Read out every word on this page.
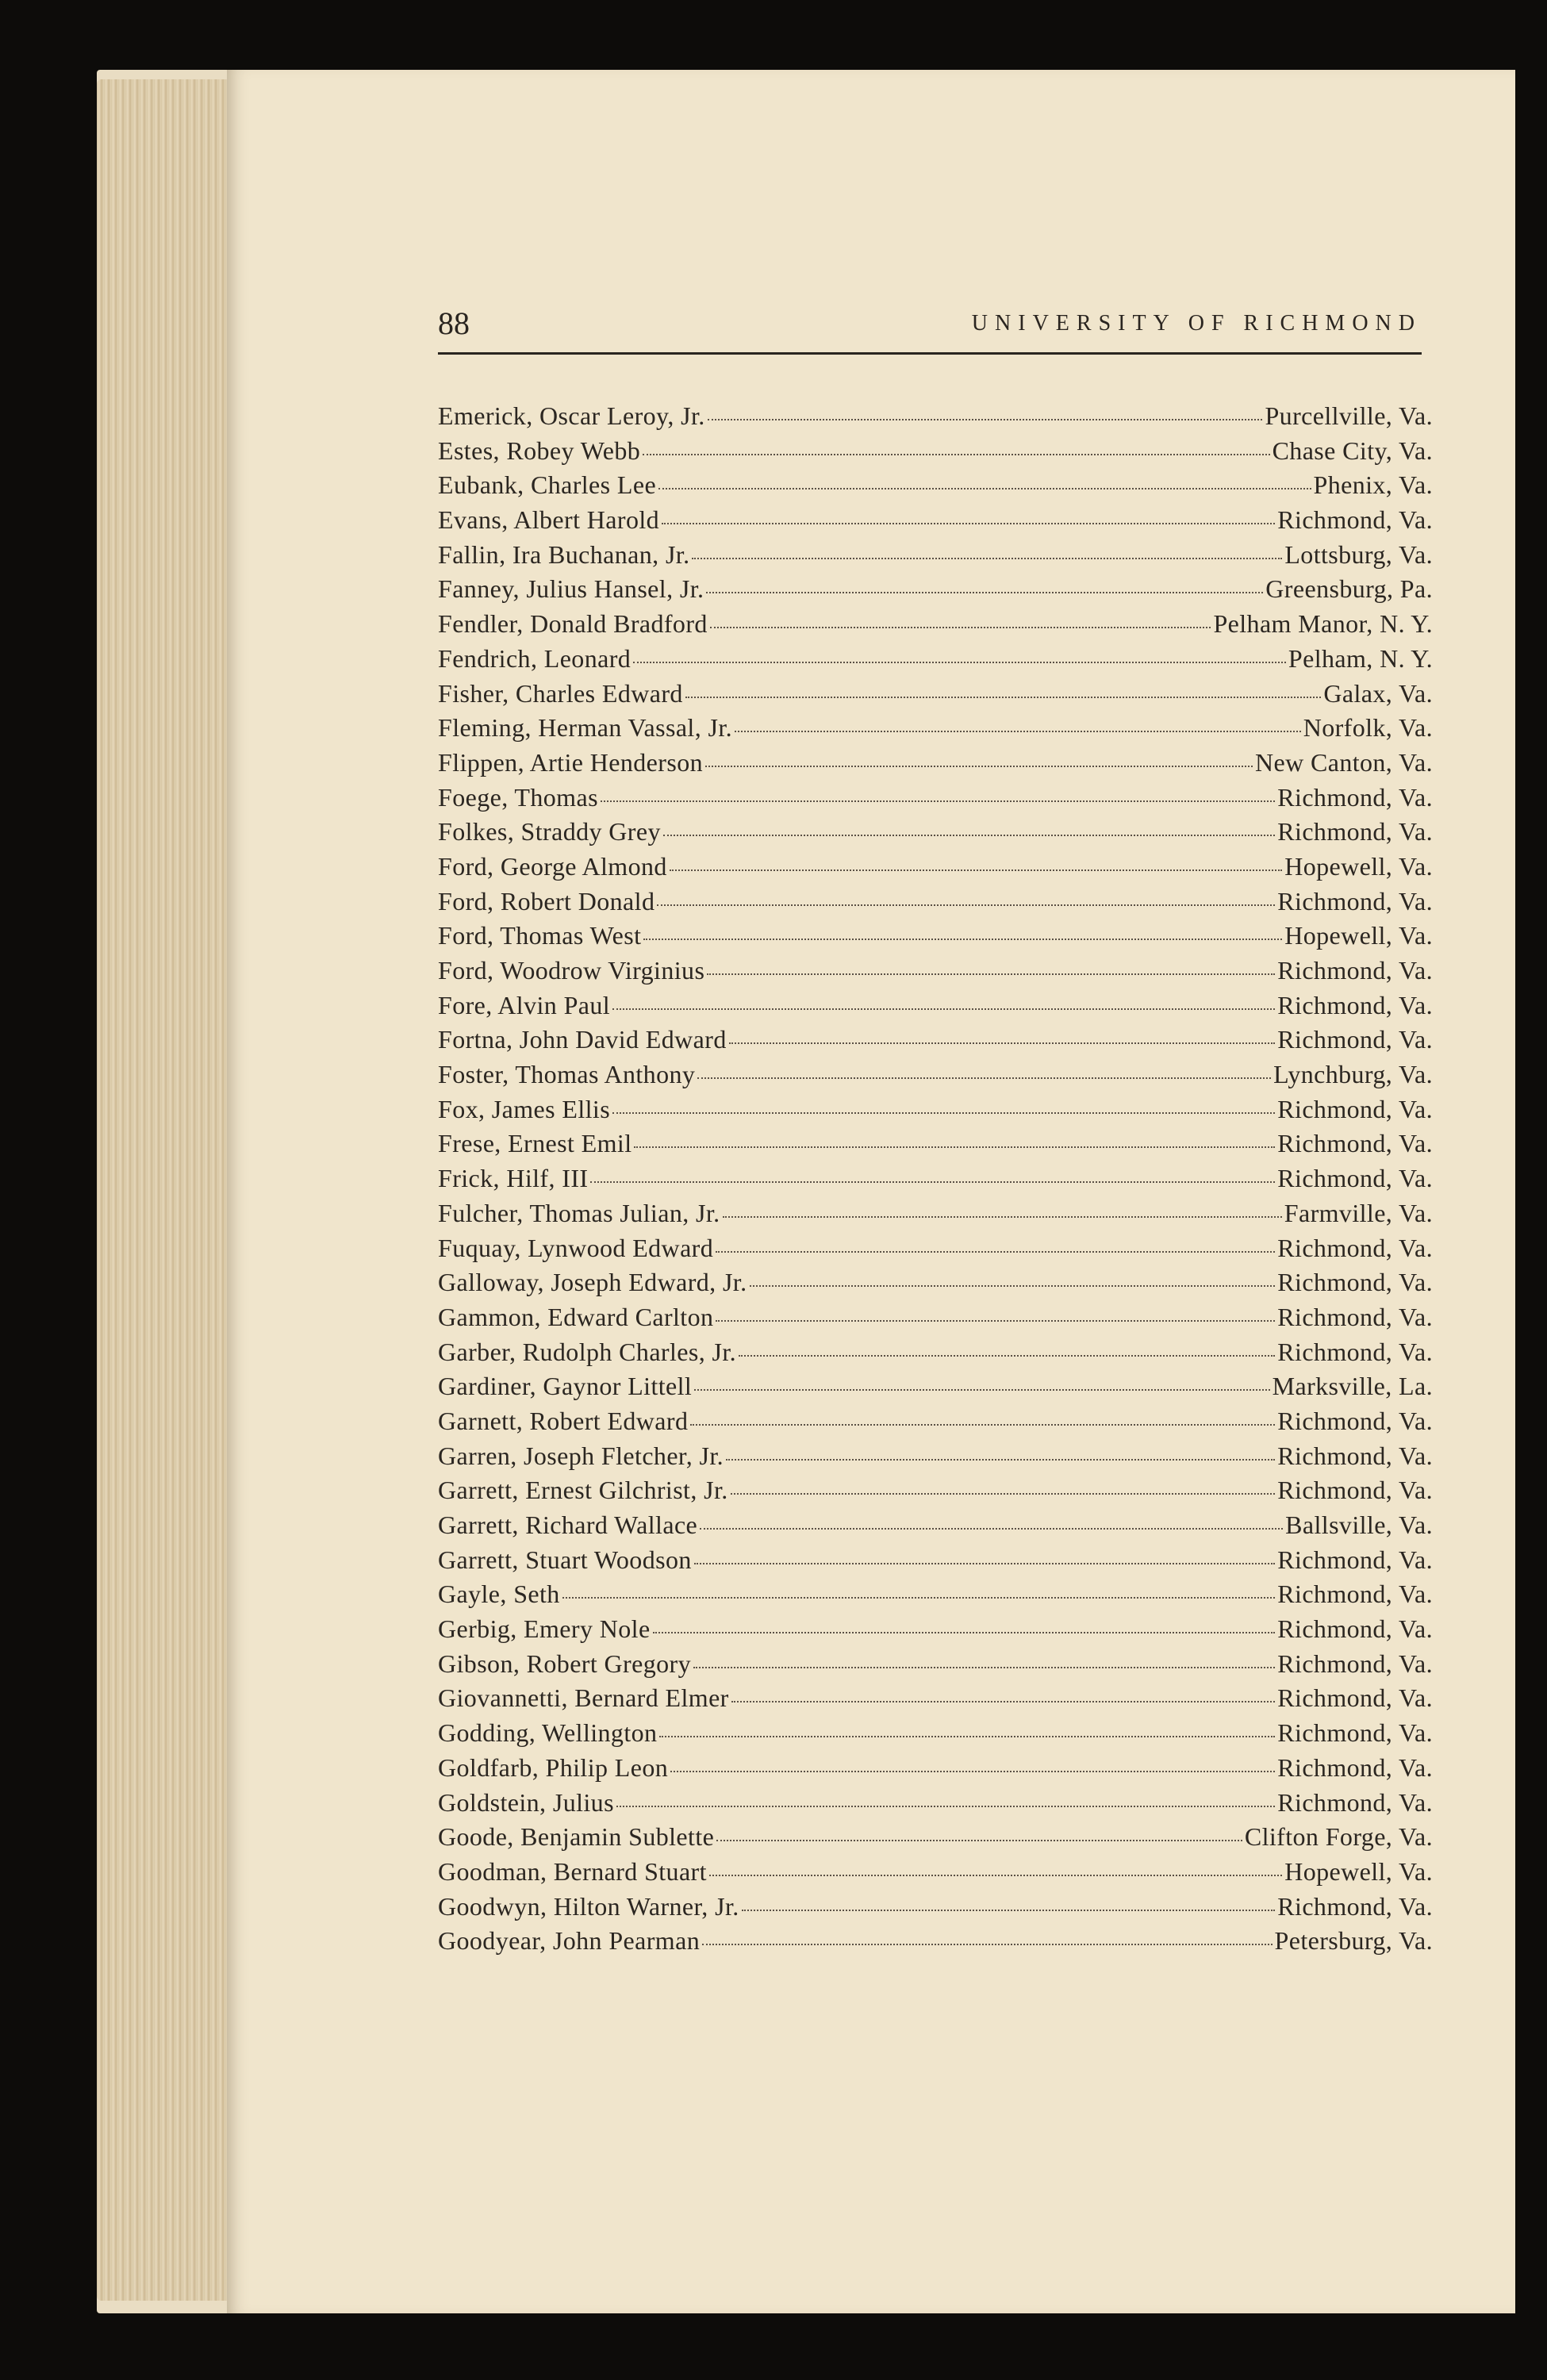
88	UNIVERSITY OF RICHMOND
Emerick, Oscar Leroy, Jr.	Purcellville, Va.
Estes, Robey Webb	Chase City, Va.
Eubank, Charles Lee	Phenix, Va.
Evans, Albert Harold	Richmond, Va.
Fallin, Ira Buchanan, Jr.	Lottsburg, Va.
Fanney, Julius Hansel, Jr.	Greensburg, Pa.
Fendler, Donald Bradford	Pelham Manor, N. Y.
Fendrich, Leonard	Pelham, N. Y.
Fisher, Charles Edward	Galax, Va.
Fleming, Herman Vassal, Jr.	Norfolk, Va.
Flippen, Artie Henderson	New Canton, Va.
Foege, Thomas	Richmond, Va.
Folkes, Straddy Grey	Richmond, Va.
Ford, George Almond	Hopewell, Va.
Ford, Robert Donald	Richmond, Va.
Ford, Thomas West	Hopewell, Va.
Ford, Woodrow Virginius	Richmond, Va.
Fore, Alvin Paul	Richmond, Va.
Fortna, John David Edward	Richmond, Va.
Foster, Thomas Anthony	Lynchburg, Va.
Fox, James Ellis	Richmond, Va.
Frese, Ernest Emil	Richmond, Va.
Frick, Hilf, III	Richmond, Va.
Fulcher, Thomas Julian, Jr.	Farmville, Va.
Fuquay, Lynwood Edward	Richmond, Va.
Galloway, Joseph Edward, Jr.	Richmond, Va.
Gammon, Edward Carlton	Richmond, Va.
Garber, Rudolph Charles, Jr.	Richmond, Va.
Gardiner, Gaynor Littell	Marksville, La.
Garnett, Robert Edward	Richmond, Va.
Garren, Joseph Fletcher, Jr.	Richmond, Va.
Garrett, Ernest Gilchrist, Jr.	Richmond, Va.
Garrett, Richard Wallace	Ballsville, Va.
Garrett, Stuart Woodson	Richmond, Va.
Gayle, Seth	Richmond, Va.
Gerbig, Emery Nole	Richmond, Va.
Gibson, Robert Gregory	Richmond, Va.
Giovannetti, Bernard Elmer	Richmond, Va.
Godding, Wellington	Richmond, Va.
Goldfarb, Philip Leon	Richmond, Va.
Goldstein, Julius	Richmond, Va.
Goode, Benjamin Sublette	Clifton Forge, Va.
Goodman, Bernard Stuart	Hopewell, Va.
Goodwyn, Hilton Warner, Jr.	Richmond, Va.
Goodyear, John Pearman	Petersburg, Va.
